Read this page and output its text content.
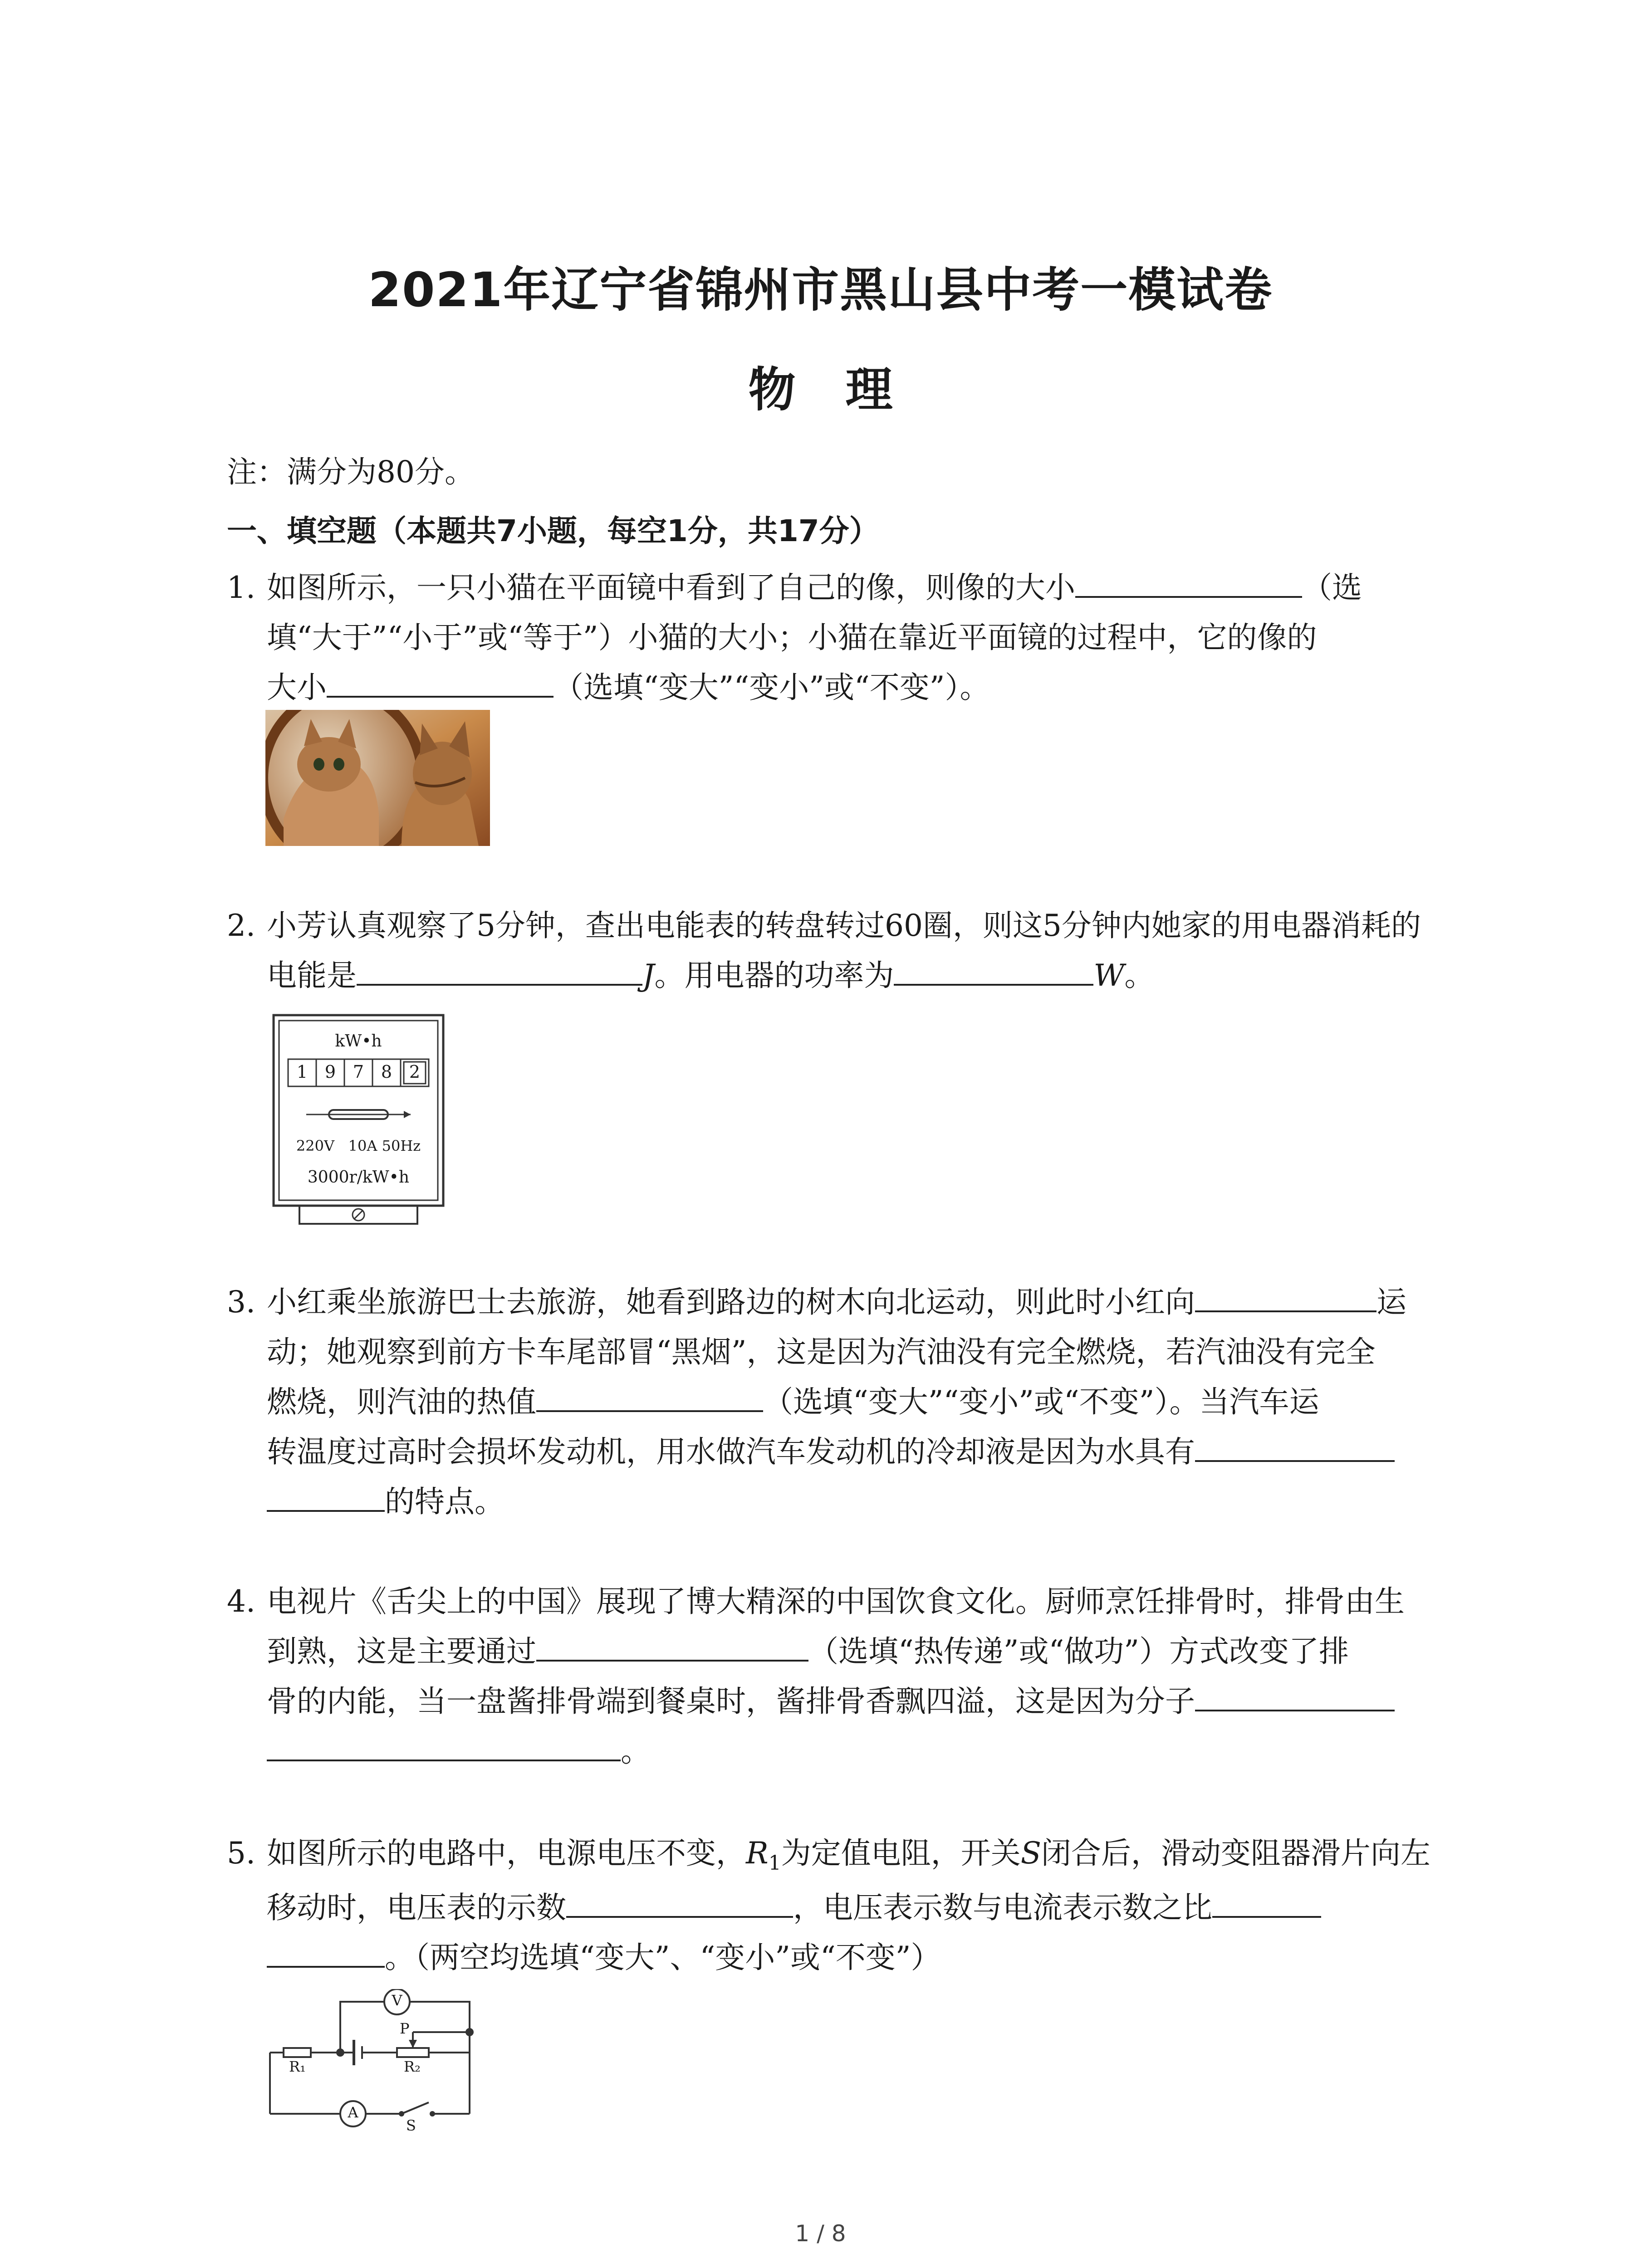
2021年辽宁省锦州市黑山县中考一模试卷
物理
注：满分为80分。
一、填空题（本题共7小题，每空1分，共17分）
1. 如图所示，一只小猫在平面镜中看到了自己的像，则像的大小	（选
填“大于”“小于”或“等于”）小猫的大小；小猫在靠近平面镜的过程中，它的像的
大小	（选填“变大”“变小”或“不变”）。
2. 小芳认真观察了5分钟，查出电能表的转盘转过60圈，则这5分钟内她家的用电器消耗的
电能是	J。用电器的功率为	W。
kW•h
1 9 7 8 2
220V   10A 50Hz
3000r/kW•h
3. 小红乘坐旅游巴士去旅游，她看到路边的树木向北运动，则此时小红向	运
动；她观察到前方卡车尾部冒“黑烟”，这是因为汽油没有完全燃烧，若汽油没有完全
燃烧，则汽油的热值	（选填“变大”“变小”或“不变”）。当汽车运
转温度过高时会损坏发动机，用水做汽车发动机的冷却液是因为水具有
的特点。
4. 电视片《舌尖上的中国》展现了博大精深的中国饮食文化。厨师烹饪排骨时，排骨由生
到熟，这是主要通过	（选填“热传递”或“做功”）方式改变了排
骨的内能，当一盘酱排骨端到餐桌时，酱排骨香飘四溢，这是因为分子
。
5. 如图所示的电路中，电源电压不变，$R_1$为定值电阻，开关S闭合后，滑动变阻器滑片向左
移动时，电压表的示数	，电压表示数与电流表示数之比
。（两空均选填“变大”、“变小”或“不变”）
V
A
P
R₁	R₂
S
1 / 8
